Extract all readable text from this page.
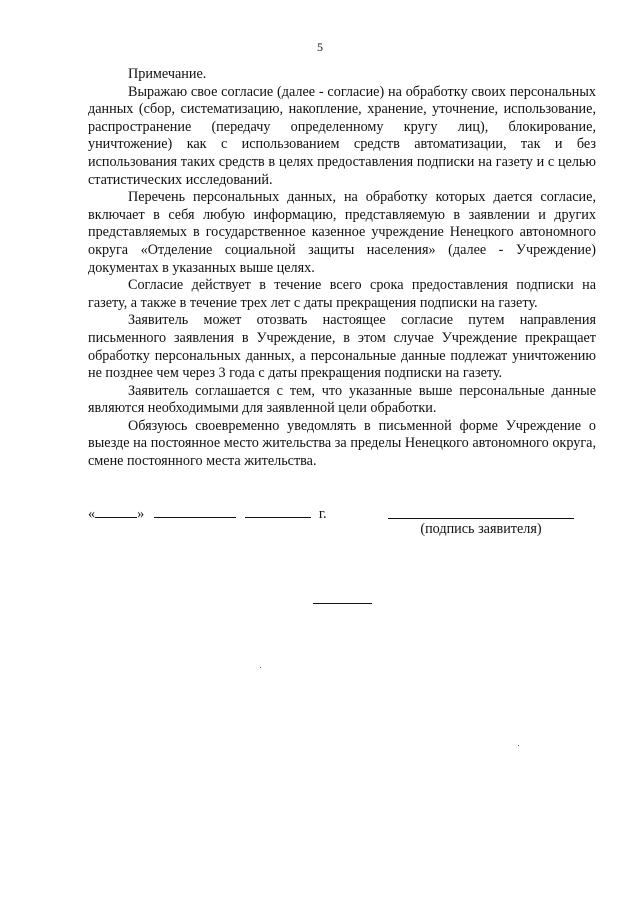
5

Примечание.

Выражаю свое согласие (далее - согласие) на обработку своих персональных данных (сбор, систематизацию, накопление, хранение, уточнение, использование, распространение (передачу определенному кругу лиц), блокирование, уничтожение) как с использованием средств автоматизации, так и без использования таких средств в целях предоставления подписки на газету и с целью статистических исследований.

Перечень персональных данных, на обработку которых дается согласие, включает в себя любую информацию, представляемую в заявлении и других представляемых в государственное казенное учреждение Ненецкого автономного округа «Отделение социальной защиты населения» (далее - Учреждение) документах в указанных выше целях.

Согласие действует в течение всего срока предоставления подписки на газету, а также в течение трех лет с даты прекращения подписки на газету.

Заявитель может отозвать настоящее согласие путем направления письменного заявления в Учреждение, в этом случае Учреждение прекращает обработку персональных данных, а персональные данные подлежат уничтожению не позднее чем через 3 года с даты прекращения подписки на газету.

Заявитель соглашается с тем, что указанные выше персональные данные являются необходимыми для заявленной цели обработки.

Обязуюсь своевременно уведомлять в письменной форме Учреждение о выезде на постоянное место жительства за пределы Ненецкого автономного округа, смене постоянного места жительства.

«	»	г.
(подпись заявителя)
